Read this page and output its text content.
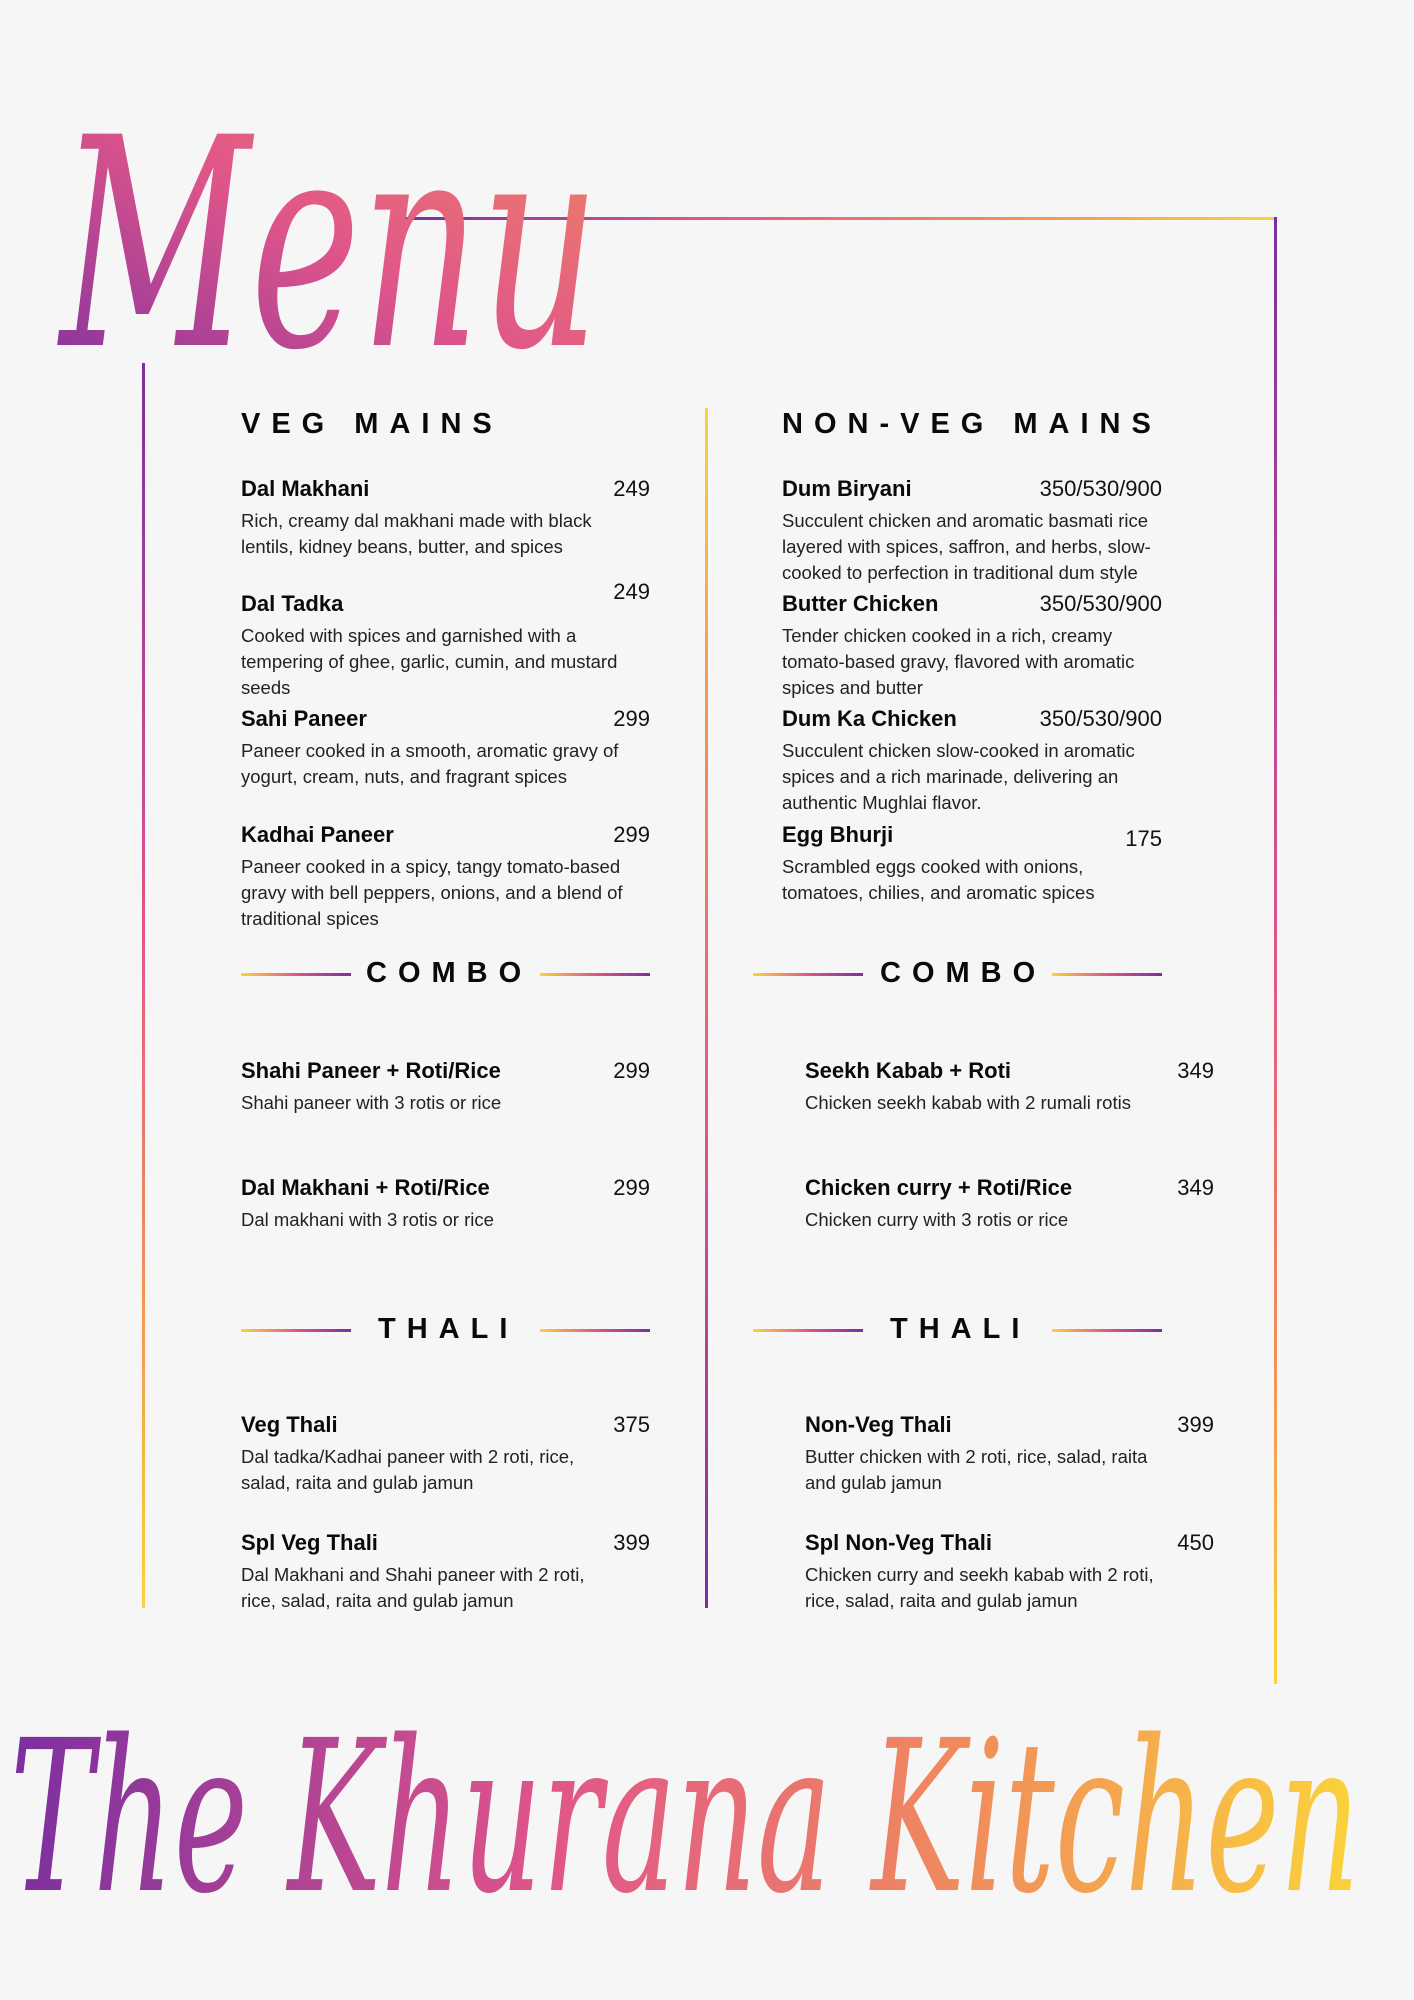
Menu
The Khurana Kitchen
VEG MAINS
Dal Makhani	249
Rich, creamy dal makhani made with black lentils, kidney beans, butter, and spices
Dal Tadka	249
Cooked with spices and garnished with a tempering of ghee, garlic, cumin, and mustard seeds
Sahi Paneer	299
Paneer cooked in a smooth, aromatic gravy of yogurt, cream, nuts, and fragrant spices
Kadhai Paneer	299
Paneer cooked in a spicy, tangy tomato-based gravy with bell peppers, onions, and a blend of traditional spices
NON-VEG MAINS
Dum Biryani	350/530/900
Succulent chicken and aromatic basmati rice layered with spices, saffron, and herbs, slow-cooked to perfection in traditional dum style
Butter Chicken	350/530/900
Tender chicken cooked in a rich, creamy tomato-based gravy, flavored with aromatic spices and butter
Dum Ka Chicken	350/530/900
Succulent chicken slow-cooked in aromatic spices and a rich marinade, delivering an authentic Mughlai flavor.
Egg Bhurji	175
Scrambled eggs cooked with onions, tomatoes, chilies, and aromatic spices
COMBO	COMBO
Shahi Paneer + Roti/Rice	299
Shahi paneer with 3 rotis or rice
Dal Makhani + Roti/Rice	299
Dal makhani with 3 rotis or rice
Seekh Kabab + Roti	349
Chicken seekh kabab with 2 rumali rotis
Chicken curry + Roti/Rice	349
Chicken curry with 3 rotis or rice
THALI	THALI
Veg Thali	375
Dal tadka/Kadhai paneer with 2 roti, rice, salad, raita and gulab jamun
Spl Veg Thali	399
Dal Makhani and Shahi paneer with 2 roti, rice, salad, raita and gulab jamun
Non-Veg Thali	399
Butter chicken with 2 roti, rice, salad, raita and gulab jamun
Spl Non-Veg Thali	450
Chicken curry and seekh kabab with 2 roti, rice, salad, raita and gulab jamun
